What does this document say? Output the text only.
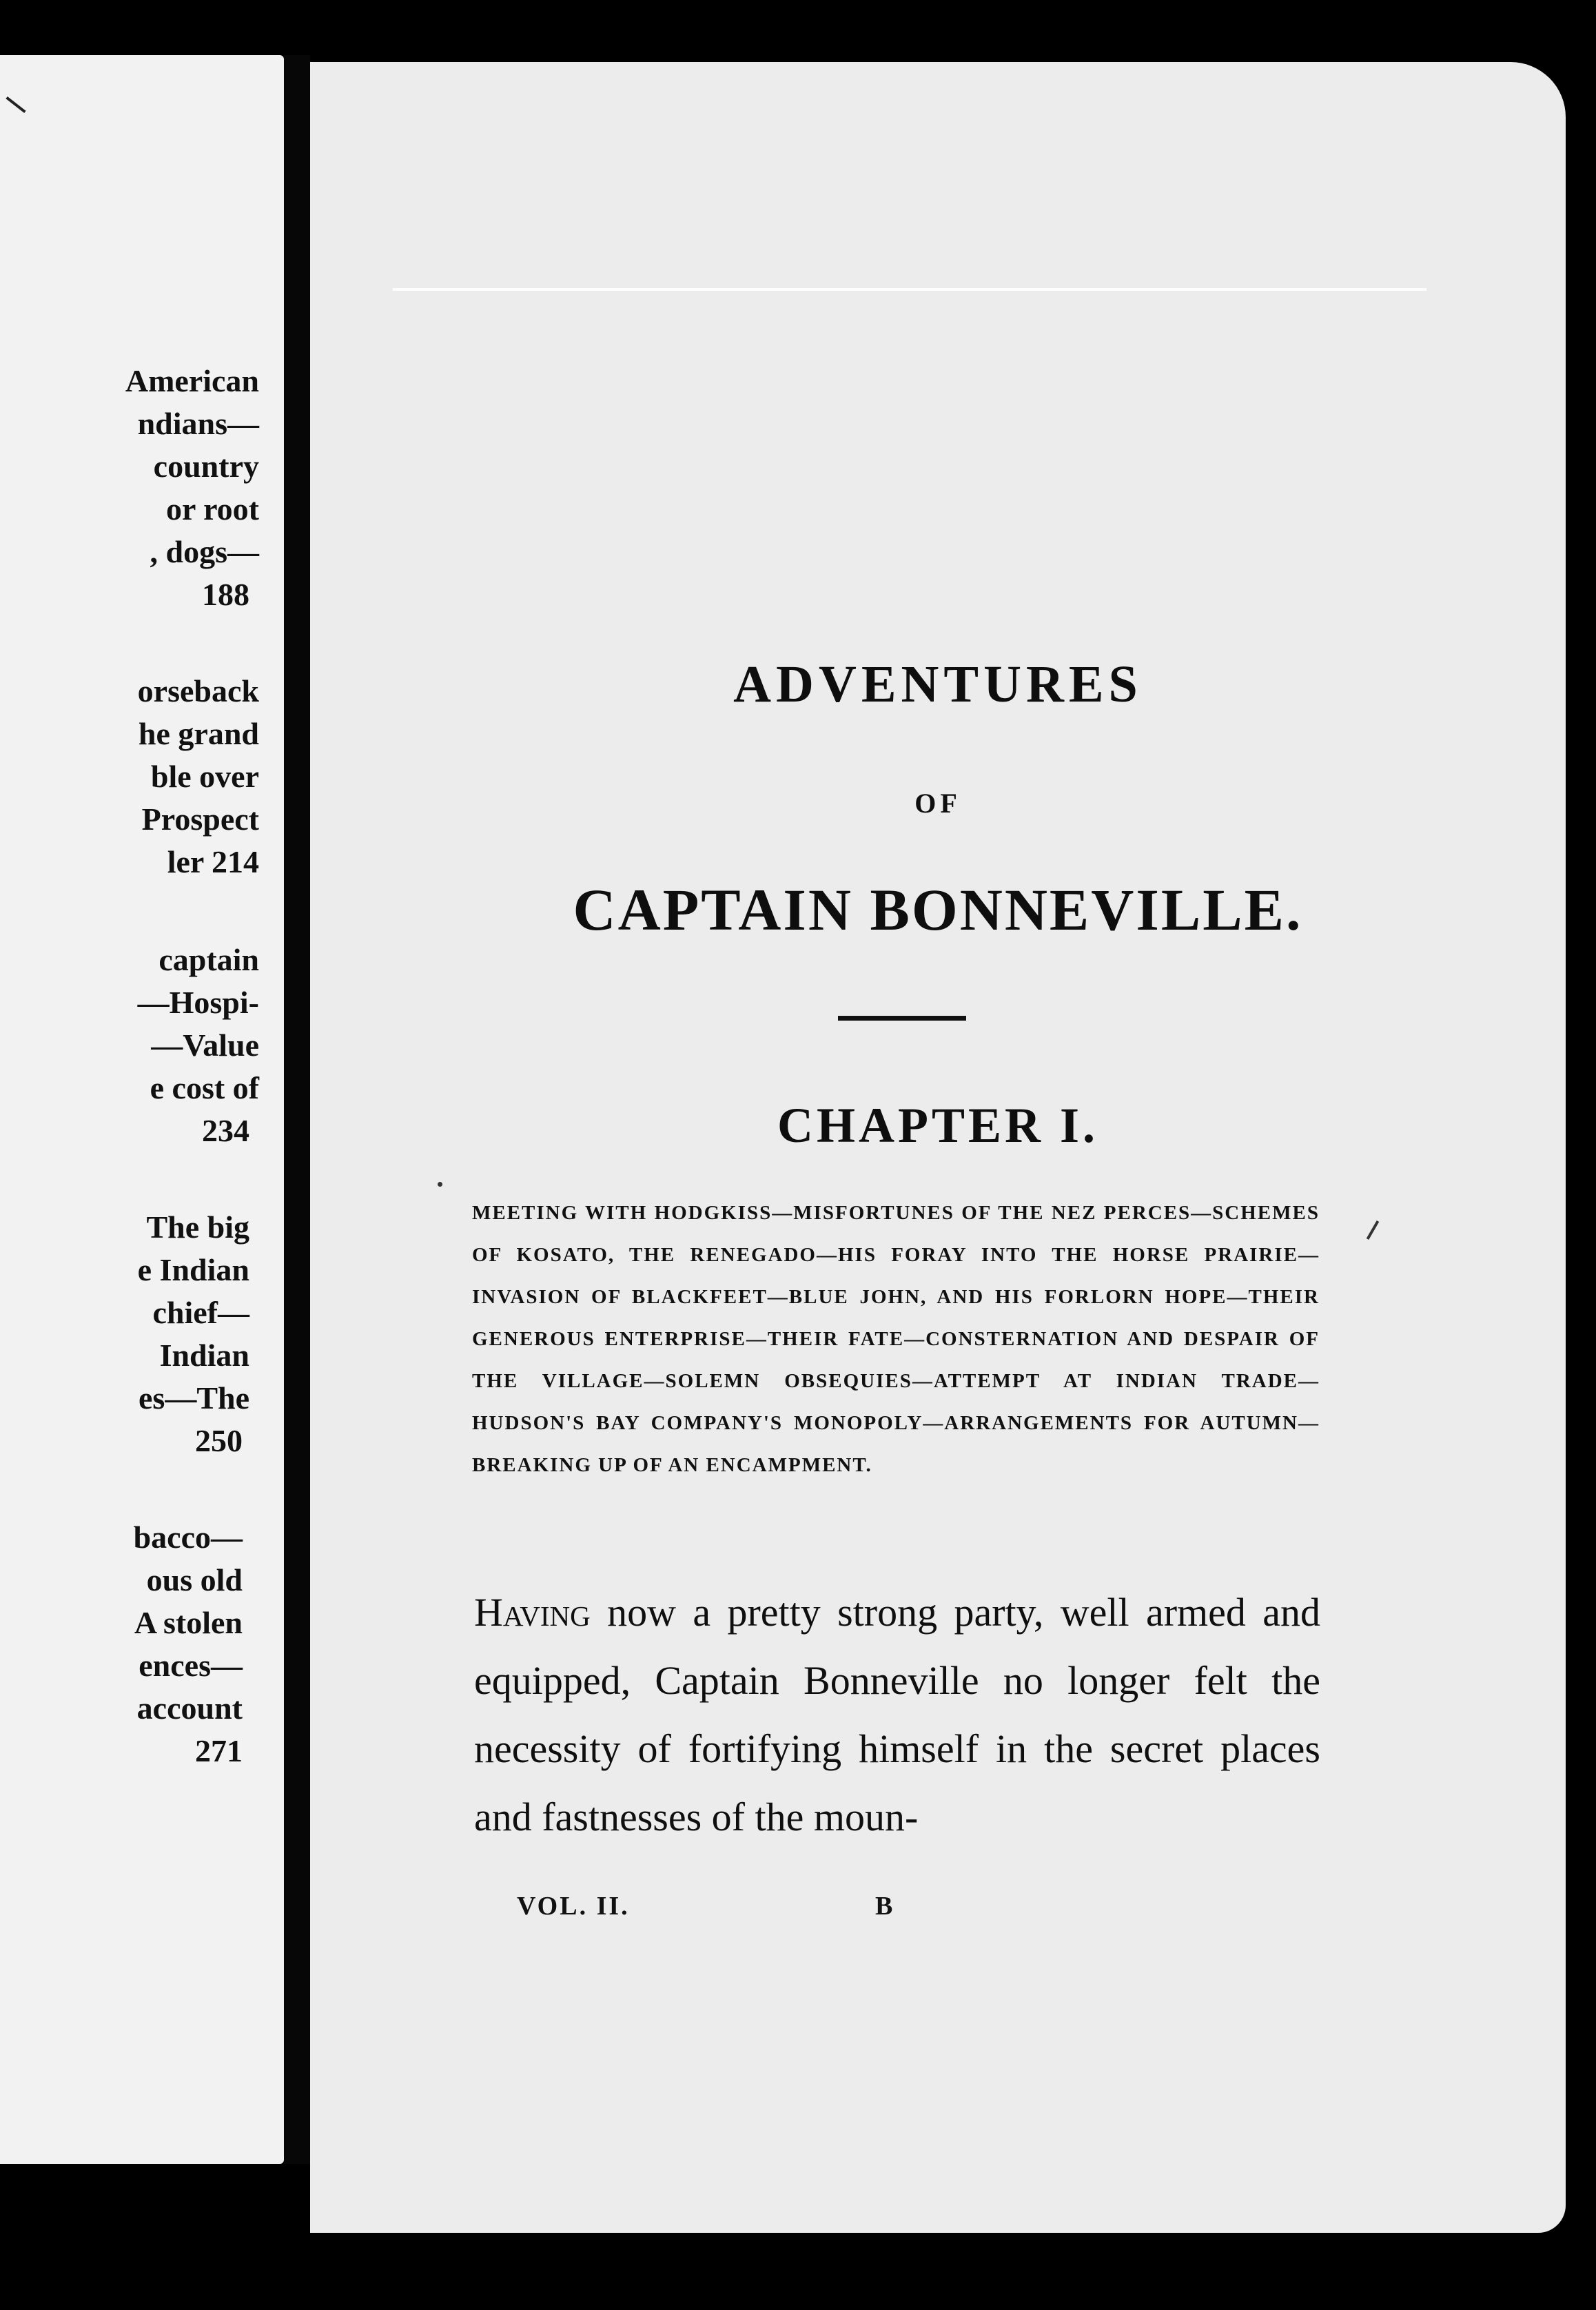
American
ndians—
country
or root
, dogs—
188
orseback
he grand
ble over
Prospect
ler 214
captain
—Hospi-
—Value
e cost of
234
The big
e Indian
chief—
Indian
es—The
250
bacco—
ous old
A stolen
ences—
account
271
ADVENTURES
OF
CAPTAIN BONNEVILLE.
CHAPTER I.
MEETING WITH HODGKISS—MISFORTUNES OF THE NEZ PERCES—SCHEMES OF KOSATO, THE RENEGADO—HIS FORAY INTO THE HORSE PRAIRIE—INVASION OF BLACKFEET—BLUE JOHN, AND HIS FORLORN HOPE—THEIR GENEROUS ENTERPRISE—THEIR FATE—CONSTERNATION AND DESPAIR OF THE VILLAGE—SOLEMN OBSEQUIES—ATTEMPT AT INDIAN TRADE—HUDSON'S BAY COMPANY'S MONOPOLY—ARRANGEMENTS FOR AUTUMN—BREAKING UP OF AN ENCAMPMENT.
Having now a pretty strong party, well armed and equipped, Captain Bonneville no longer felt the necessity of fortifying himself in the secret places and fastnesses of the moun-
VOL. II.	B
